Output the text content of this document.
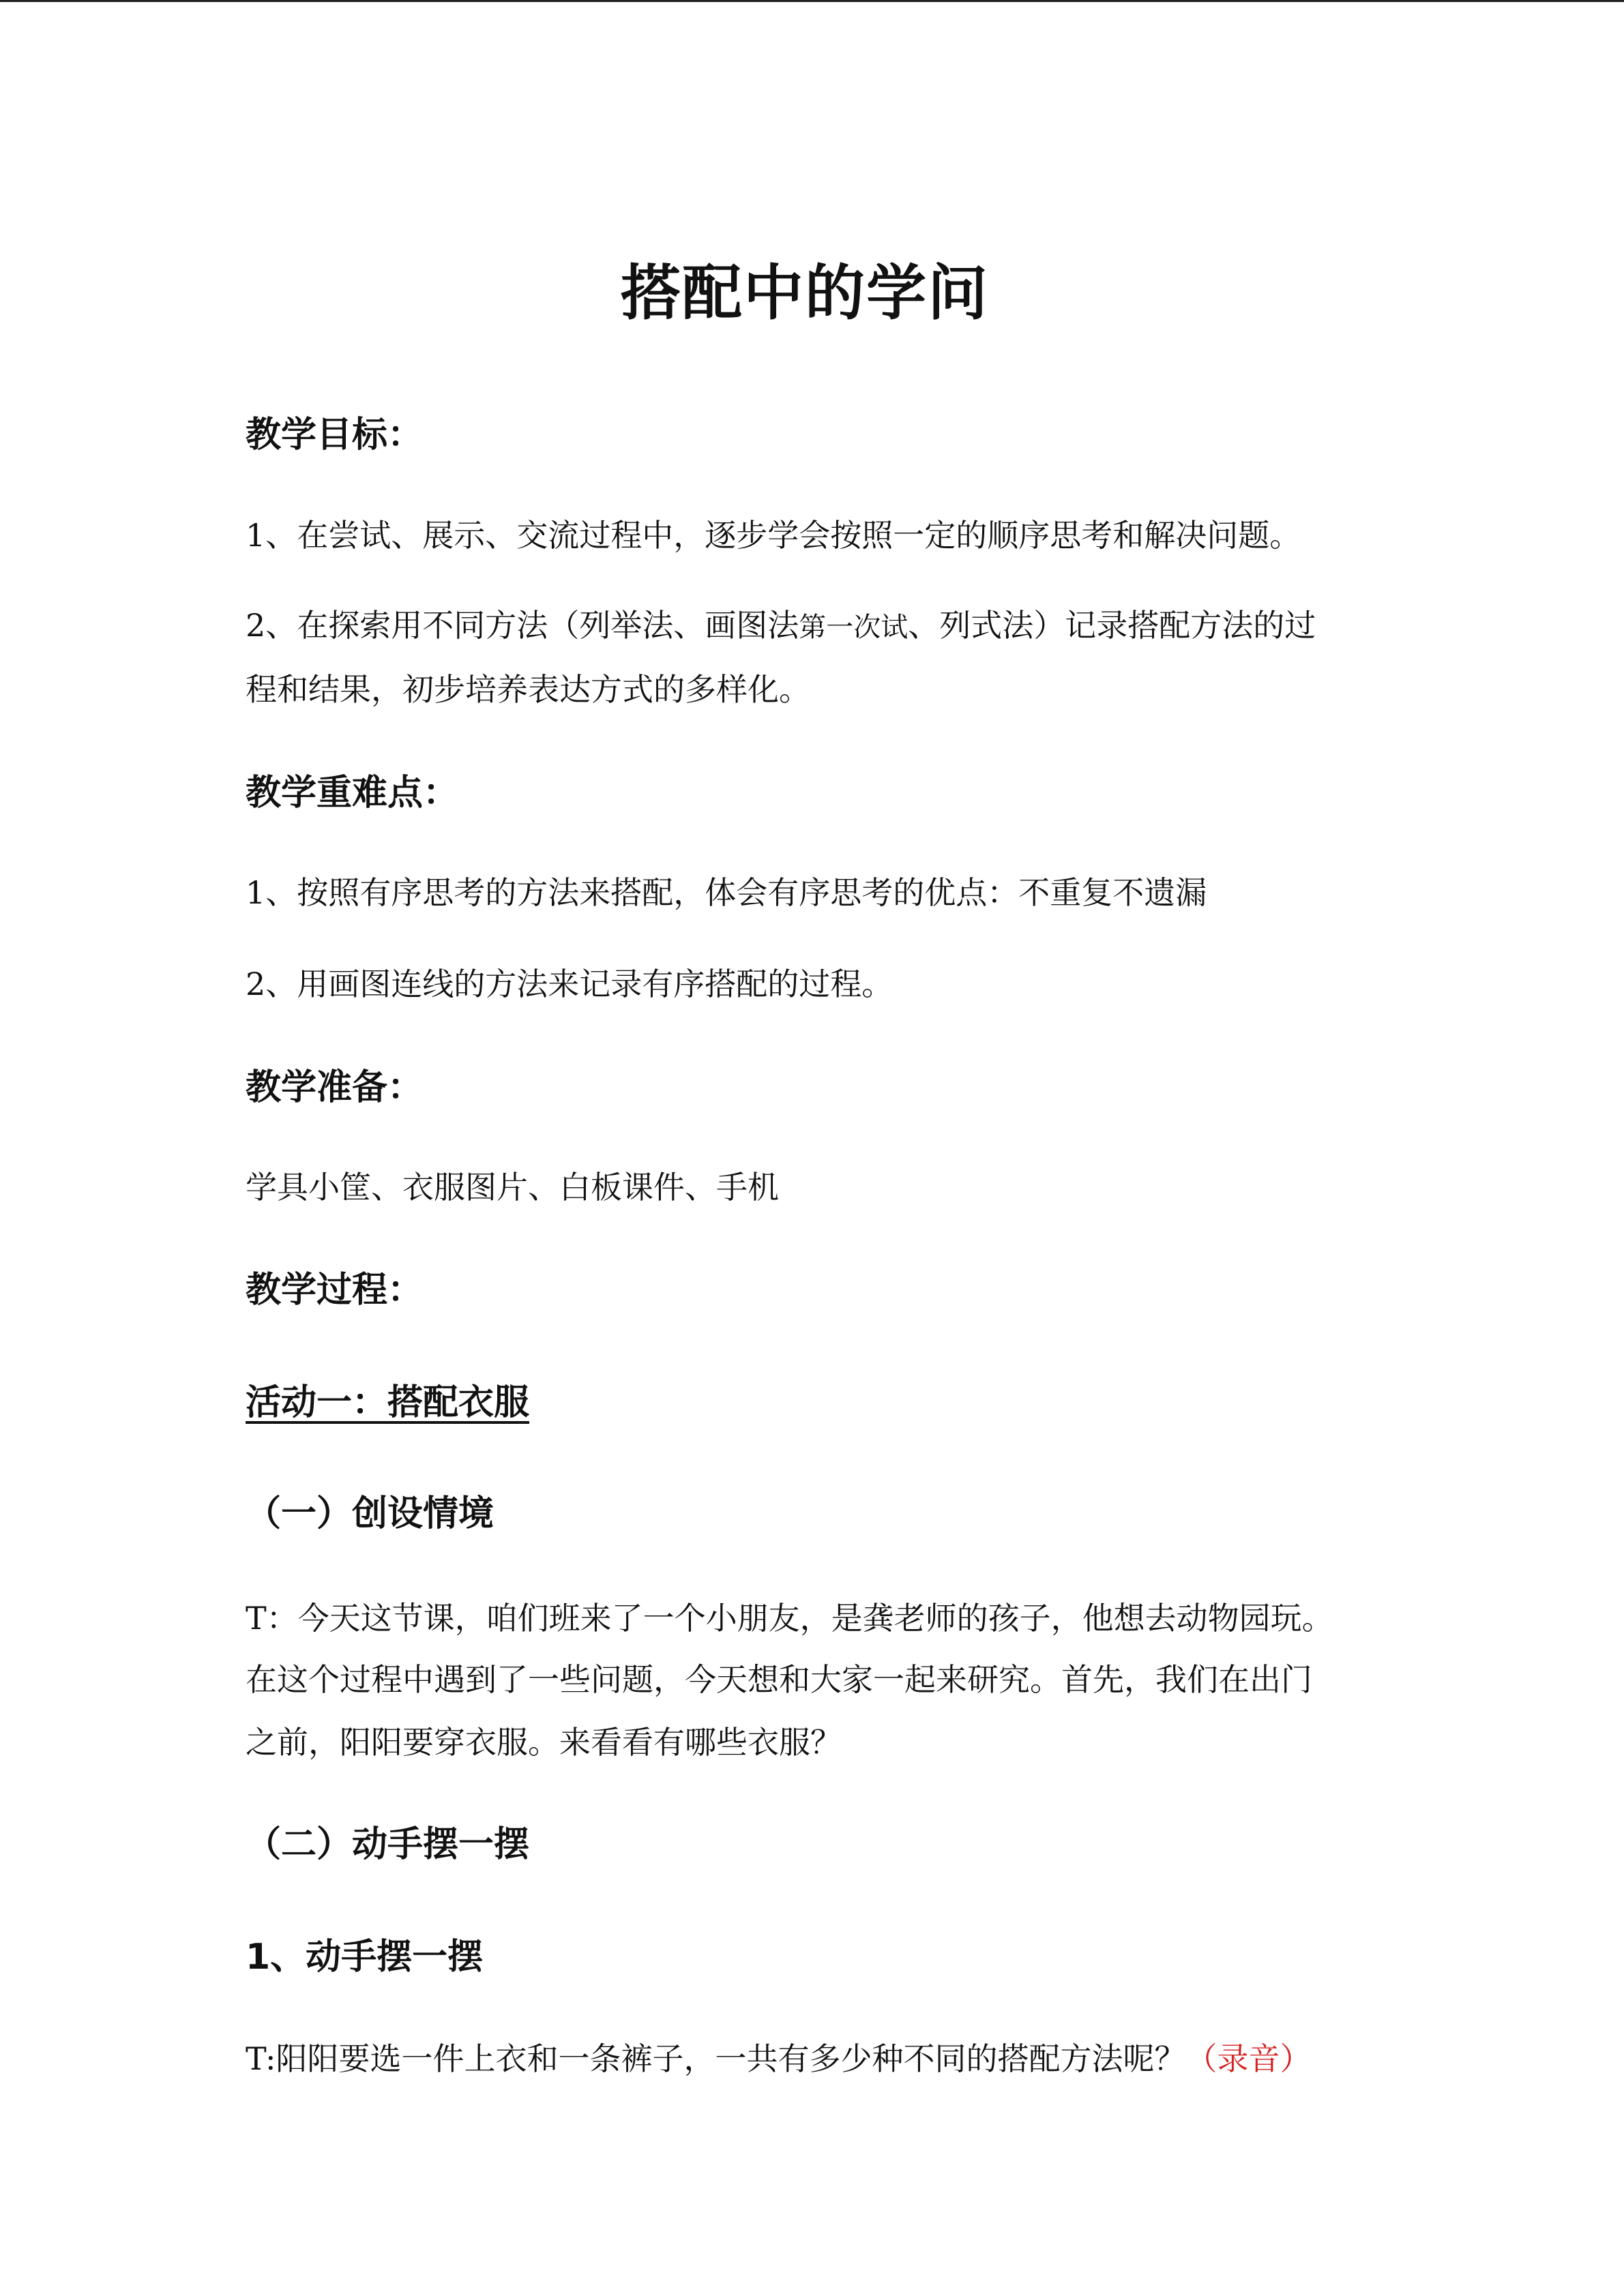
搭配中的学问
教学目标：
1、在尝试、展示、交流过程中，逐步学会按照一定的顺序思考和解决问题。
2、在探索用不同方法（列举法、画图法第一次试、列式法）记录搭配方法的过
程和结果，初步培养表达方式的多样化。
教学重难点：
1、按照有序思考的方法来搭配，体会有序思考的优点：不重复不遗漏
2、用画图连线的方法来记录有序搭配的过程。
教学准备：
学具小筐、衣服图片、白板课件、手机
教学过程：
活动一：搭配衣服
（一）创设情境
T：今天这节课，咱们班来了一个小朋友，是龚老师的孩子，他想去动物园玩。
在这个过程中遇到了一些问题，今天想和大家一起来研究。首先，我们在出门
之前，阳阳要穿衣服。来看看有哪些衣服？
（二）动手摆一摆
1、动手摆一摆
T:阳阳要选一件上衣和一条裤子，一共有多少种不同的搭配方法呢？（录音）
